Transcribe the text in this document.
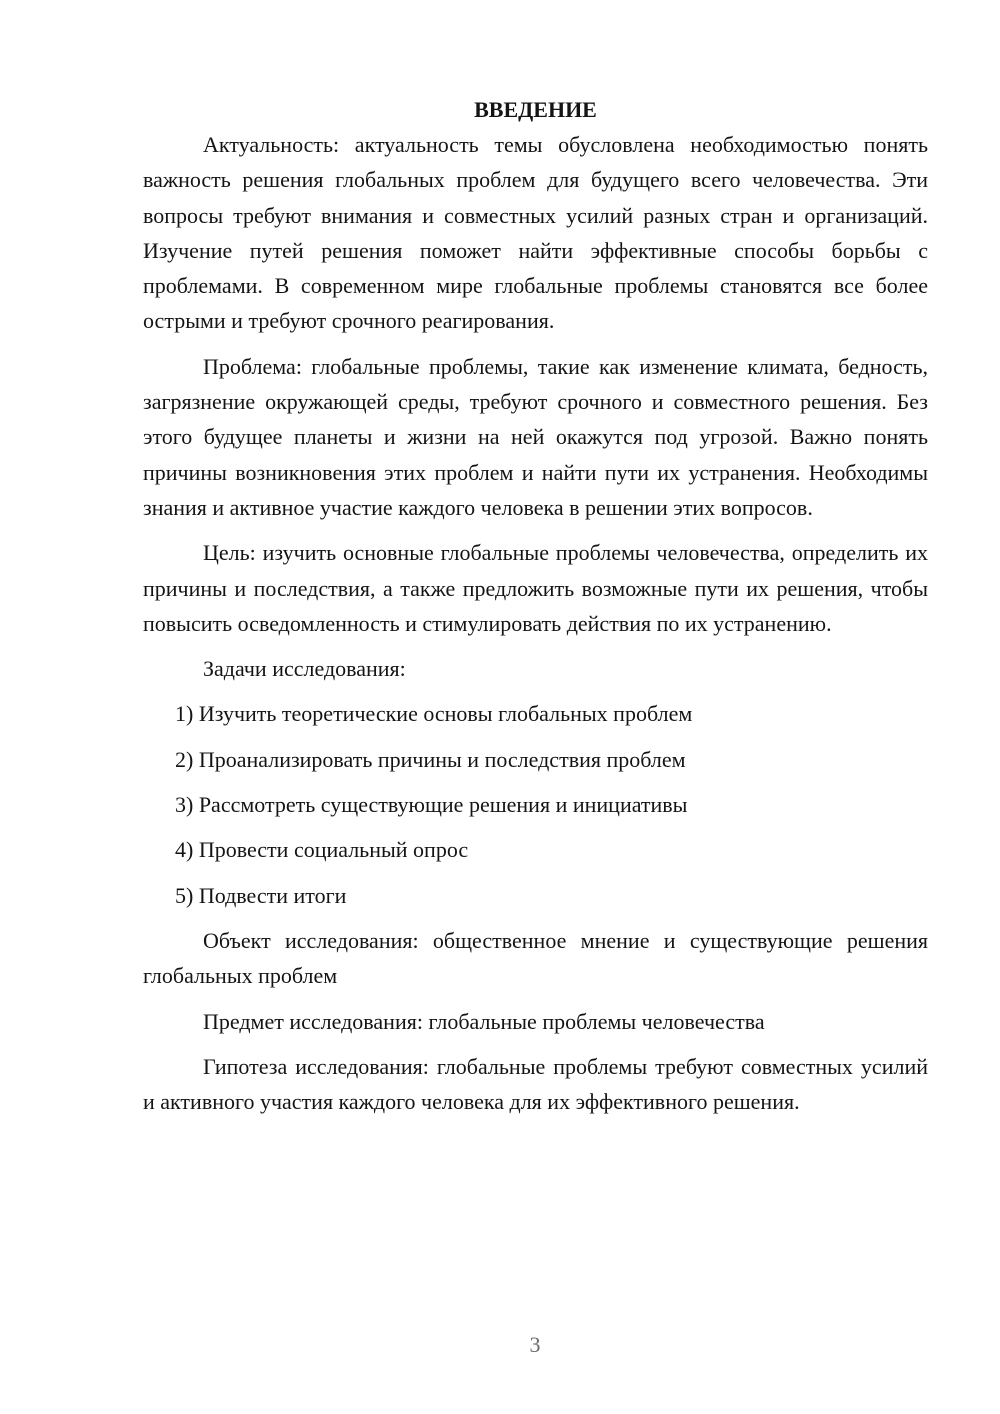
ВВЕДЕНИЕ

Актуальность: актуальность темы обусловлена необходимостью понять важность решения глобальных проблем для будущего всего человечества. Эти вопросы требуют внимания и совместных усилий разных стран и организаций. Изучение путей решения поможет найти эффективные способы борьбы с проблемами. В современном мире глобальные проблемы становятся все более острыми и требуют срочного реагирования.

Проблема: глобальные проблемы, такие как изменение климата, бедность, загрязнение окружающей среды, требуют срочного и совместного решения. Без этого будущее планеты и жизни на ней окажутся под угрозой. Важно понять причины возникновения этих проблем и найти пути их устранения. Необходимы знания и активное участие каждого человека в решении этих вопросов.

Цель: изучить основные глобальные проблемы человечества, определить их причины и последствия, а также предложить возможные пути их решения, чтобы повысить осведомленность и стимулировать действия по их устранению.

Задачи исследования:

1) Изучить теоретические основы глобальных проблем
2) Проанализировать причины и последствия проблем
3) Рассмотреть существующие решения и инициативы
4) Провести социальный опрос
5) Подвести итоги

Объект исследования: общественное мнение и существующие решения глобальных проблем

Предмет исследования: глобальные проблемы человечества

Гипотеза исследования: глобальные проблемы требуют совместных усилий и активного участия каждого человека для их эффективного решения.

3
